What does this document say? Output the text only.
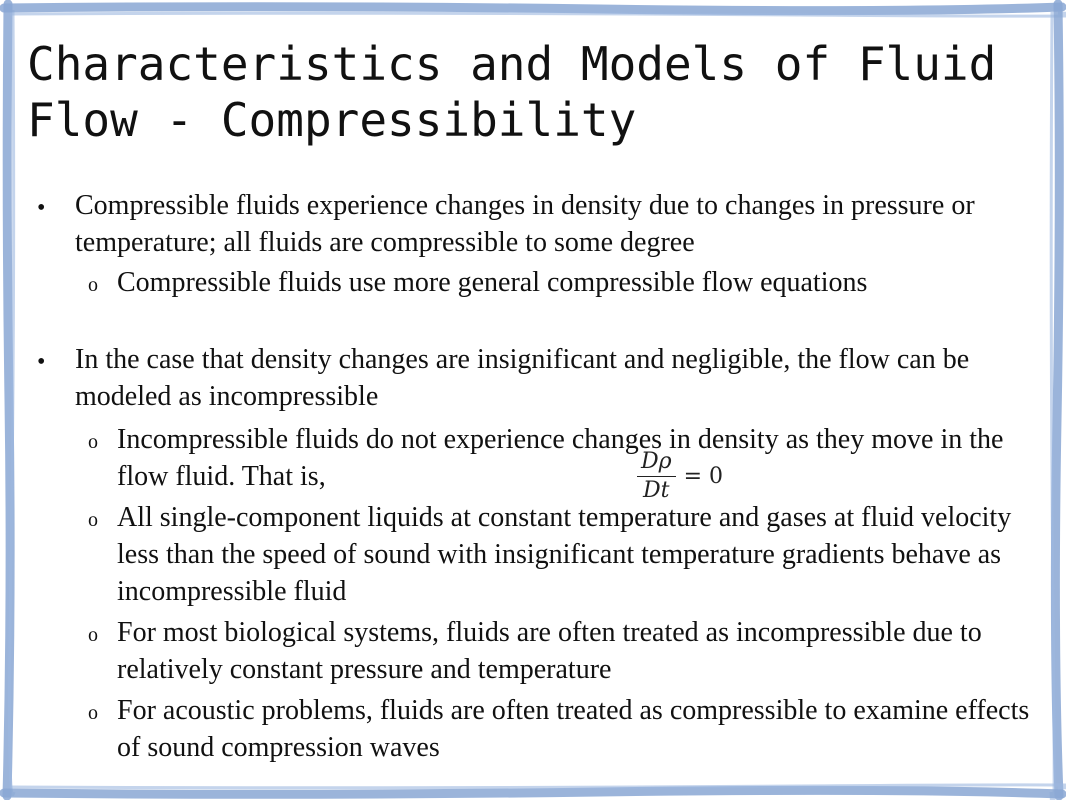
Characteristics and Models of Fluid Flow - Compressibility
• Compressible fluids experience changes in density due to changes in pressure or temperature; all fluids are compressible to some degree

o Compressible fluids use more general compressible flow equations

• In the case that density changes are insignificant and negligible, the flow can be modeled as incompressible

o Incompressible fluids do not experience changes in density as they move in the flow fluid. That is,

o All single-component liquids at constant temperature and gases at fluid velocity less than the speed of sound with insignificant temperature gradients behave as incompressible fluid

o For most biological systems, fluids are often treated as incompressible due to relatively constant pressure and temperature

o For acoustic problems, fluids are often treated as compressible to examine effects of sound compression waves

$\frac{D\rho}{Dt} = 0$
